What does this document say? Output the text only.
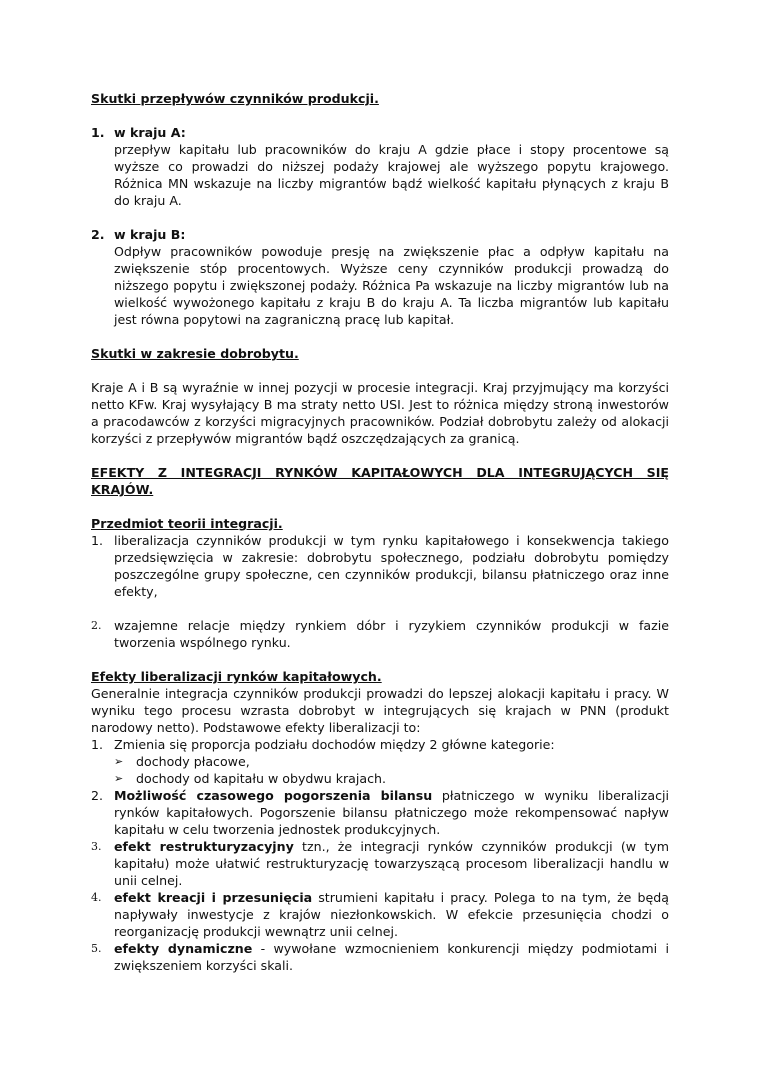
Skutki przepływów czynników produkcji.

1. w kraju A:

przepływ kapitału lub pracowników do kraju A gdzie płace i stopy procentowe są wyższe co prowadzi do niższej podaży krajowej ale wyższego popytu krajowego. Różnica MN wskazuje na liczby migrantów bądź wielkość kapitału płynących z kraju B do kraju A.

2. w kraju B:

Odpływ pracowników powoduje presję na zwiększenie płac a odpływ kapitału na zwiększenie stóp procentowych. Wyższe ceny czynników produkcji prowadzą do niższego popytu i zwiększonej podaży. Różnica Pa wskazuje na liczby migrantów lub na wielkość wywożonego kapitału z kraju B do kraju A. Ta liczba migrantów lub kapitału jest równa popytowi na zagraniczną pracę lub kapitał.

Skutki w zakresie dobrobytu.

Kraje A i B są wyraźnie w innej pozycji w procesie integracji. Kraj przyjmujący ma korzyści netto KFw. Kraj wysyłający B ma straty netto USI. Jest to różnica między stroną inwestorów a pracodawców z korzyści migracyjnych pracowników. Podział dobrobytu zależy od alokacji korzyści z przepływów migrantów bądź oszczędzających za granicą.

EFEKTY Z INTEGRACJI RYNKÓW KAPITAŁOWYCH DLA INTEGRUJĄCYCH SIĘ KRAJÓW.

Przedmiot teorii integracji.

1. liberalizacja czynników produkcji w tym rynku kapitałowego i konsekwencja takiego przedsięwzięcia w zakresie: dobrobytu społecznego, podziału dobrobytu pomiędzy poszczególne grupy społeczne, cen czynników produkcji, bilansu płatniczego oraz inne efekty,
2. wzajemne relacje między rynkiem dóbr i ryzykiem czynników produkcji w fazie tworzenia wspólnego rynku.

Efekty liberalizacji rynków kapitałowych.

Generalnie integracja czynników produkcji prowadzi do lepszej alokacji kapitału i pracy. W wyniku tego procesu wzrasta dobrobyt w integrujących się krajach w PNN (produkt narodowy netto). Podstawowe efekty liberalizacji to:

1. Zmienia się proporcja podziału dochodów między 2 główne kategorie:
➢	dochody płacowe,
➢	dochody od kapitału w obydwu krajach.
2. Możliwość czasowego pogorszenia bilansu płatniczego w wyniku liberalizacji rynków kapitałowych. Pogorszenie bilansu płatniczego może rekompensować napływ kapitału w celu tworzenia jednostek produkcyjnych.
3. efekt restrukturyzacyjny tzn., że integracji rynków czynników produkcji (w tym kapitału) może ułatwić restrukturyzację towarzyszącą procesom liberalizacji handlu w unii celnej.
4. efekt kreacji i przesunięcia strumieni kapitału i pracy. Polega to na tym, że będą napływały inwestycje z krajów niezłonkowskich. W efekcie przesunięcia chodzi o reorganizację produkcji wewnątrz unii celnej.
5. efekty dynamiczne - wywołane wzmocnieniem konkurencji między podmiotami i zwiększeniem korzyści skali.
